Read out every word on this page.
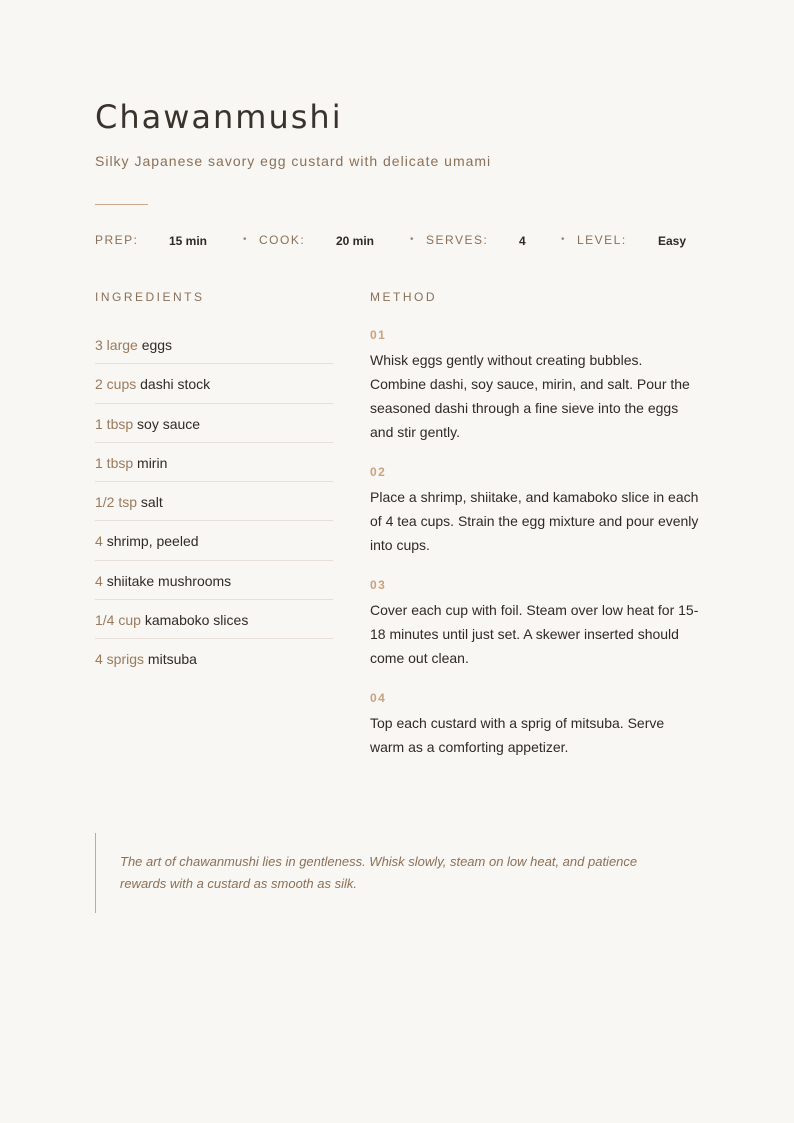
Chawanmushi

Silky Japanese savory egg custard with delicate umami

PREP:	15 min	• COOK:	20 min	• SERVES:	4	• LEVEL:	Easy
INGREDIENTS
3 large eggs
2 cups dashi stock
1 tbsp soy sauce
1 tbsp mirin
1/2 tsp salt
4 shrimp, peeled
4 shiitake mushrooms
1/4 cup kamaboko slices
4 sprigs mitsuba
METHOD

01

Whisk eggs gently without creating bubbles. Combine dashi, soy sauce, mirin, and salt. Pour the seasoned dashi through a fine sieve into the eggs and stir gently.

02

Place a shrimp, shiitake, and kamaboko slice in each of 4 tea cups. Strain the egg mixture and pour evenly into cups.

03

Cover each cup with foil. Steam over low heat for 15-18 minutes until just set. A skewer inserted should come out clean.

04

Top each custard with a sprig of mitsuba. Serve warm as a comforting appetizer.

The art of chawanmushi lies in gentleness. Whisk slowly, steam on low heat, and patience rewards with a custard as smooth as silk.
